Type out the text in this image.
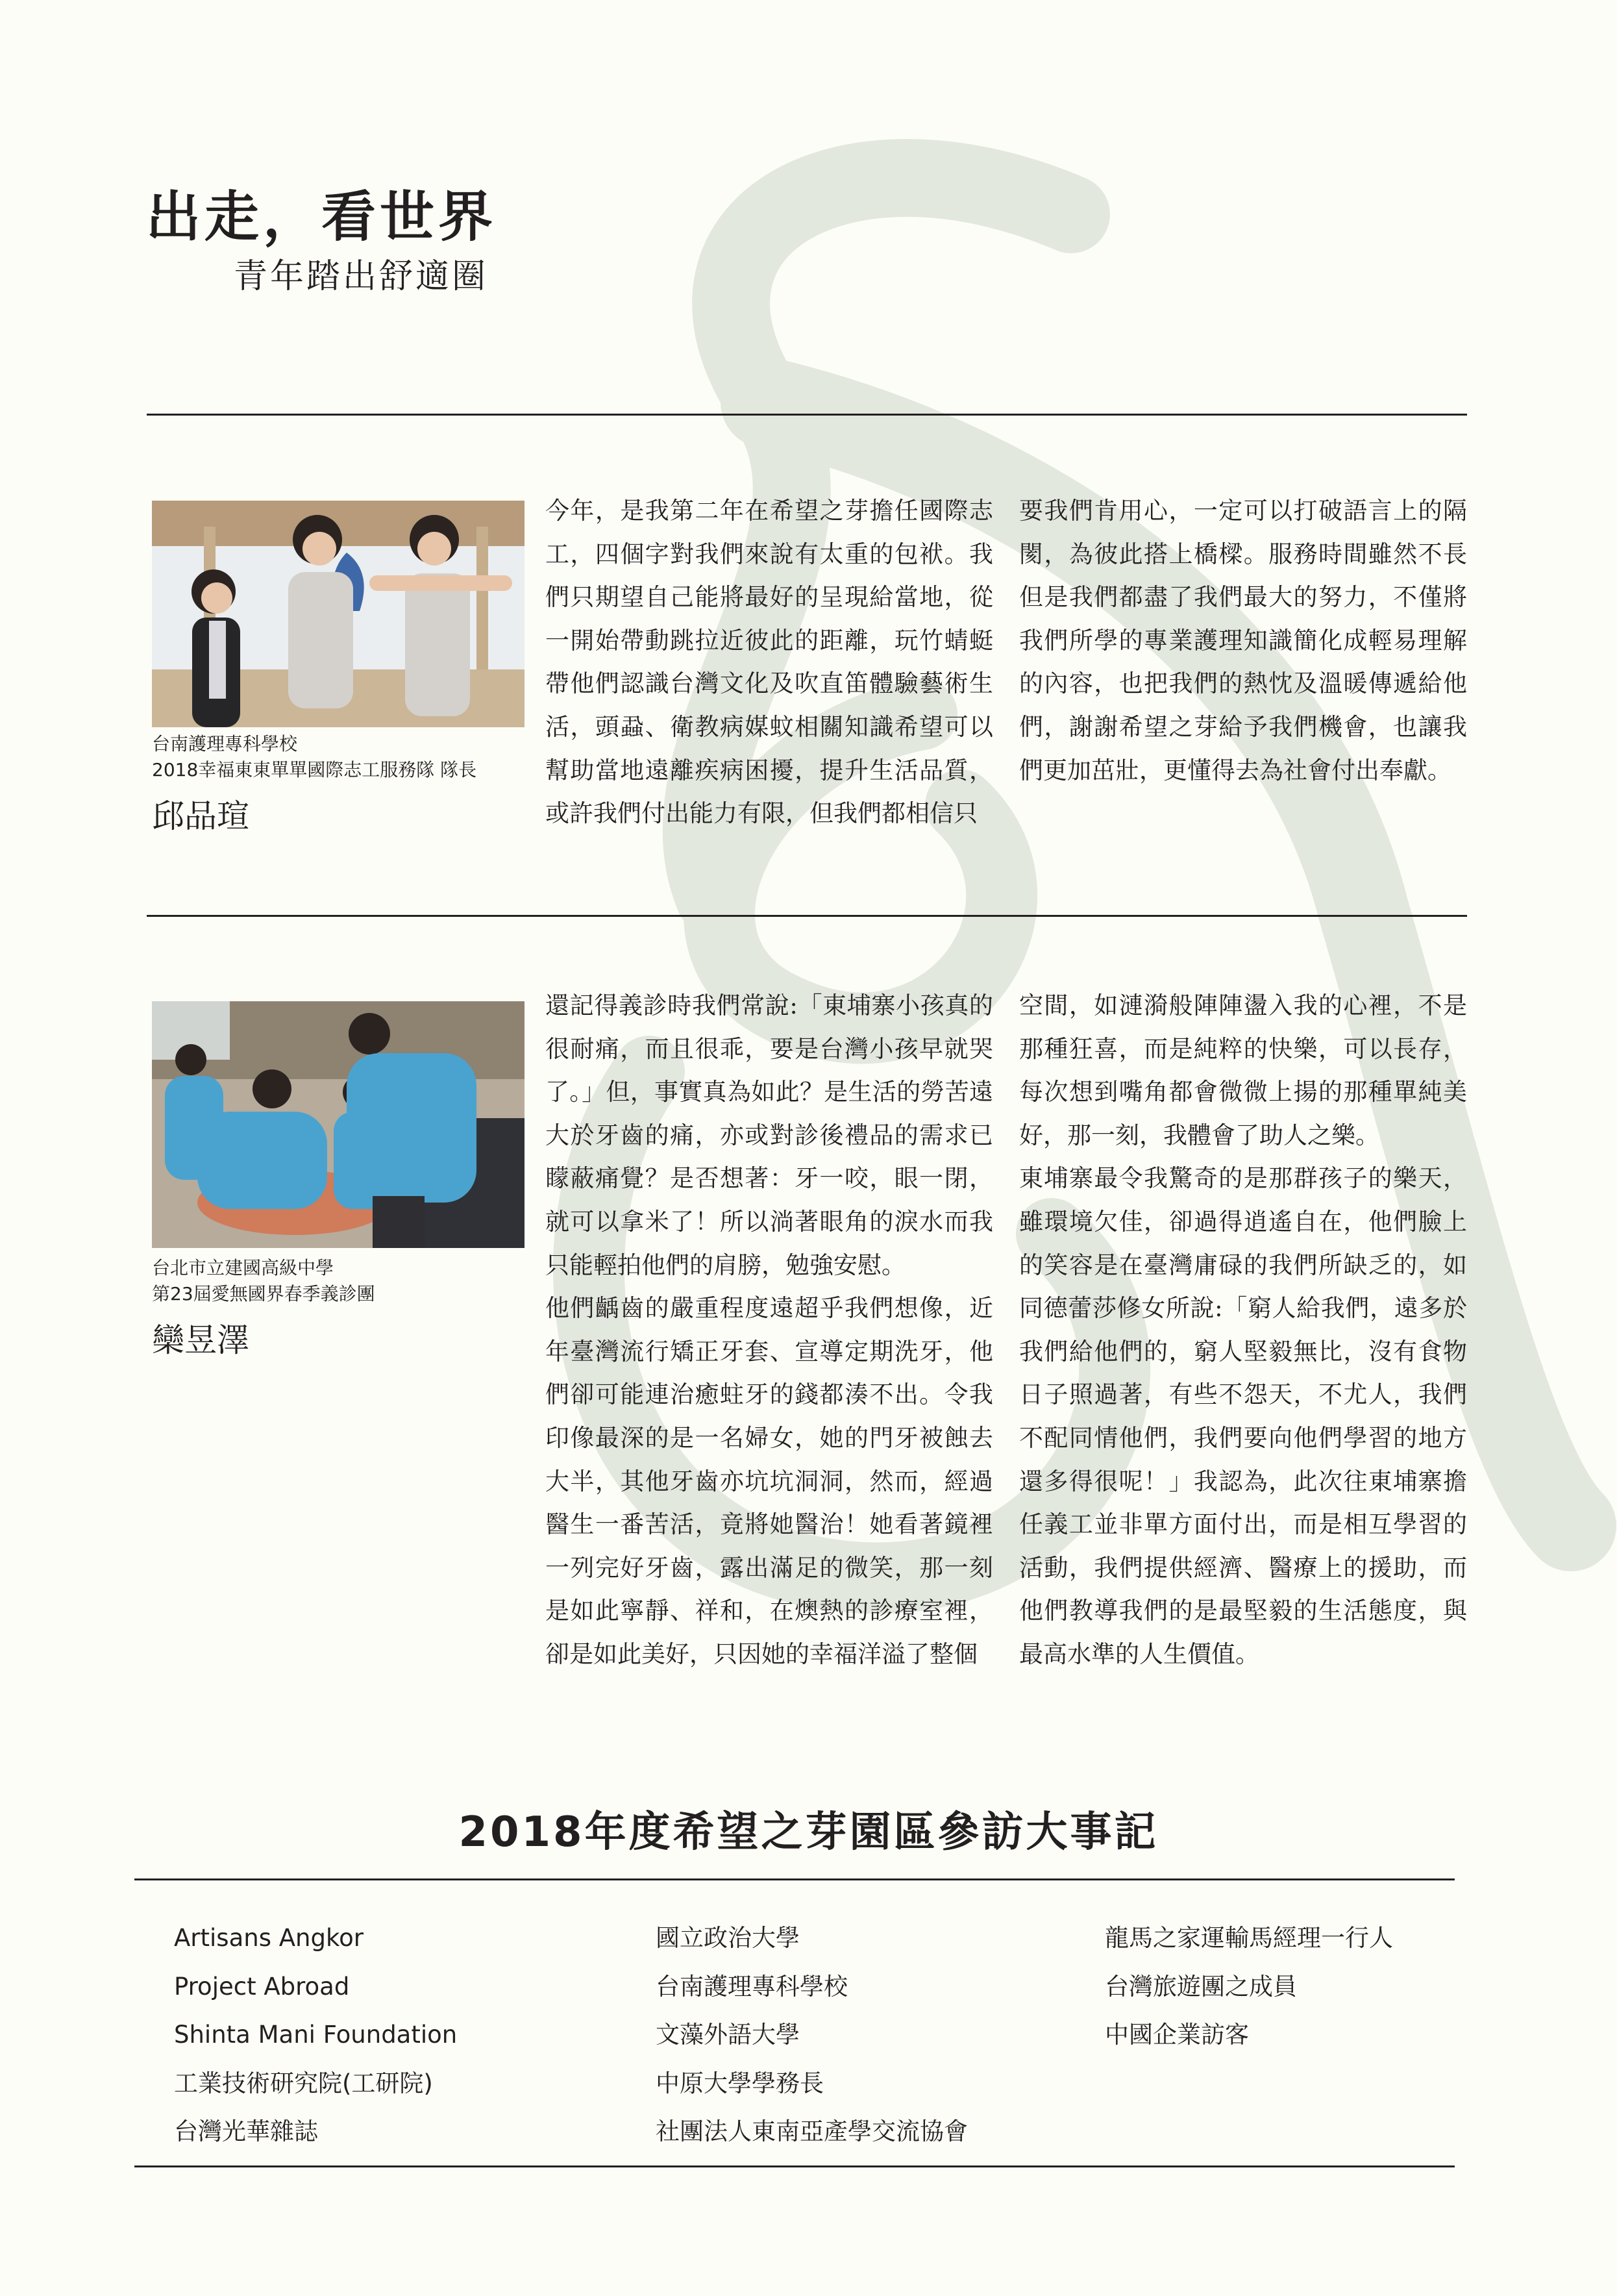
出走，看世界
青年踏出舒適圈
台南護理專科學校
2018幸福東東單單國際志工服務隊 隊長
邱品瑄

今年，是我第二年在希望之芽擔任國際志工，四個字對我們來說有太重的包袱。我們只期望自己能將最好的呈現給當地，從一開始帶動跳拉近彼此的距離，玩竹蜻蜓帶他們認識台灣文化及吹直笛體驗藝術生活，頭蝨、衛教病媒蚊相關知識希望可以幫助當地遠離疾病困擾，提升生活品質，或許我們付出能力有限，但我們都相信只

要我們肯用心，一定可以打破語言上的隔閡，為彼此搭上橋樑。服務時間雖然不長但是我們都盡了我們最大的努力，不僅將我們所學的專業護理知識簡化成輕易理解的內容，也把我們的熱忱及溫暖傳遞給他們，謝謝希望之芽給予我們機會，也讓我們更加茁壯，更懂得去為社會付出奉獻。

台北市立建國高級中學
第23屆愛無國界春季義診團
欒昱澤

還記得義診時我們常說:「東埔寨小孩真的很耐痛，而且很乖，要是台灣小孩早就哭了。」但，事實真為如此？是生活的勞苦遠大於牙齒的痛，亦或對診後禮品的需求已矇蔽痛覺？是否想著：牙一咬，眼一閉，就可以拿米了！所以淌著眼角的淚水而我只能輕拍他們的肩膀，勉強安慰。

他們齲齒的嚴重程度遠超乎我們想像，近年臺灣流行矯正牙套、宣導定期洗牙，他們卻可能連治癒蛀牙的錢都湊不出。令我印像最深的是一名婦女，她的門牙被蝕去大半，其他牙齒亦坑坑洞洞，然而，經過醫生一番苦活，竟將她醫治！她看著鏡裡一列完好牙齒，露出滿足的微笑，那一刻是如此寧靜、祥和，在燠熱的診療室裡，卻是如此美好，只因她的幸福洋溢了整個

空間，如漣漪般陣陣盪入我的心裡，不是那種狂喜，而是純粹的快樂，可以長存，每次想到嘴角都會微微上揚的那種單純美好，那一刻，我體會了助人之樂。

東埔寨最令我驚奇的是那群孩子的樂天，雖環境欠佳，卻過得逍遙自在，他們臉上的笑容是在臺灣庸碌的我們所缺乏的，如同德蕾莎修女所說:「窮人給我們，遠多於我們給他們的，窮人堅毅無比，沒有食物日子照過著，有些不怨天，不尤人，我們不配同情他們，我們要向他們學習的地方還多得很呢！」我認為，此次往東埔寨擔任義工並非單方面付出，而是相互學習的活動，我們提供經濟、醫療上的援助，而他們教導我們的是最堅毅的生活態度，與最高水準的人生價值。

2018年度希望之芽園區參訪大事記
Artisans Angkor
Project Abroad
Shinta Mani Foundation
工業技術研究院(工研院)
台灣光華雜誌
國立政治大學
台南護理專科學校
文藻外語大學
中原大學學務長
社團法人東南亞產學交流協會
龍馬之家運輸馬經理一行人
台灣旅遊團之成員
中國企業訪客
